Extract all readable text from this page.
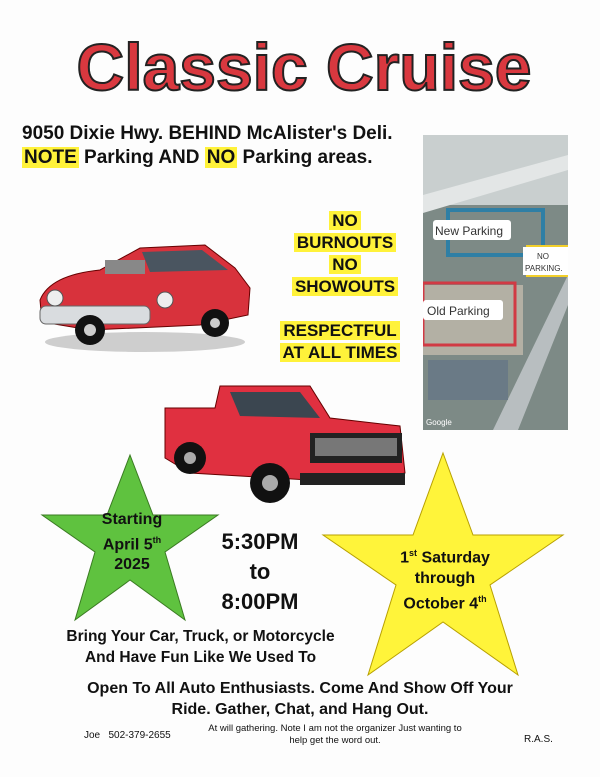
Classic Cruise
9050 Dixie Hwy. BEHIND McAlister's Deli. NOTE Parking AND NO Parking areas.
NO
BURNOUTS
NO
SHOWOUTS
RESPECTFUL
AT ALL TIMES
New Parking
Old Parking
NO
PARKING.
Google
Starting
April 5th
2025
5:30PM
to
8:00PM
1st Saturday
through
October 4th
Bring Your Car, Truck, or Motorcycle
And Have Fun Like We Used To
Open To All Auto Enthusiasts. Come And Show Off Your
Ride. Gather, Chat, and Hang Out.
Joe   502-379-2655
At will gathering. Note I am not the organizer Just wanting to
help get the word out.	R.A.S.
